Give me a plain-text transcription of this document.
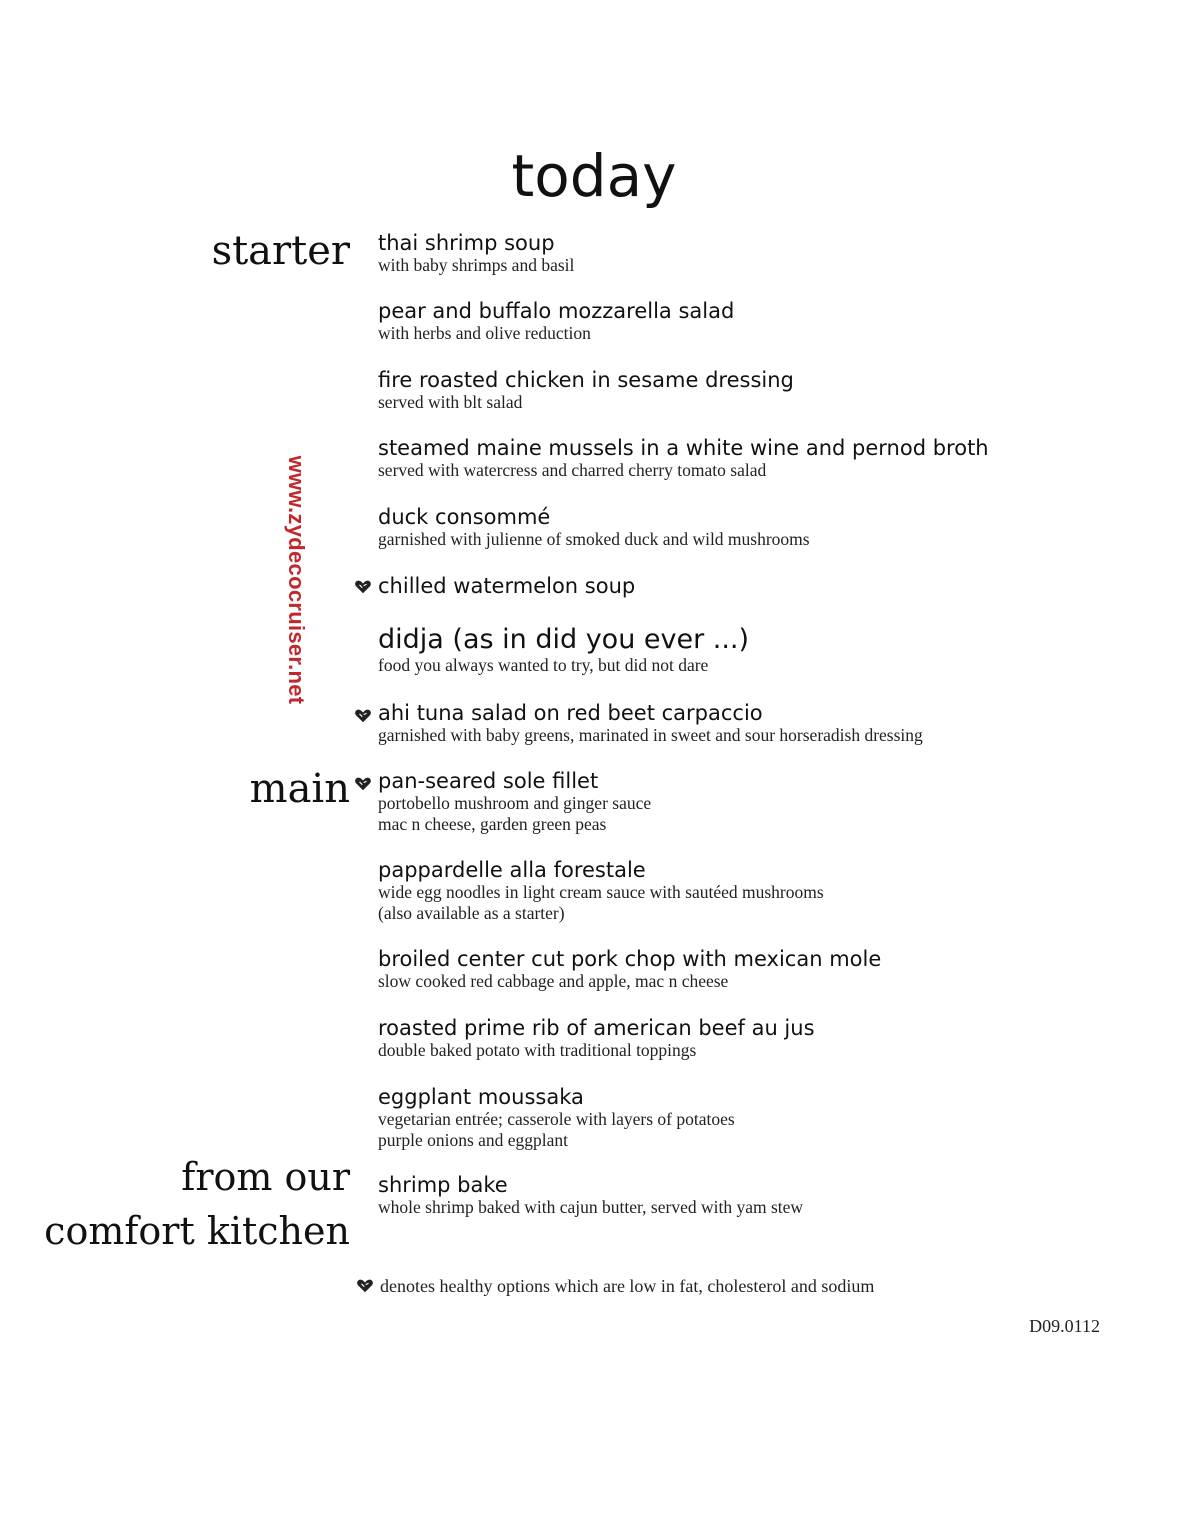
today
starter
main
from our
comfort kitchen
www.zydecocruiser.net
thai shrimp soup
with baby shrimps and basil
pear and buffalo mozzarella salad
with herbs and olive reduction
fire roasted chicken in sesame dressing
served with blt salad
steamed maine mussels in a white wine and pernod broth
served with watercress and charred cherry tomato salad
duck consommé
garnished with julienne of smoked duck and wild mushrooms
chilled watermelon soup
didja (as in did you ever ...)
food you always wanted to try, but did not dare
ahi tuna salad on red beet carpaccio
garnished with baby greens, marinated in sweet and sour horseradish dressing
pan-seared sole fillet
portobello mushroom and ginger sauce
mac n cheese, garden green peas
pappardelle alla forestale
wide egg noodles in light cream sauce with sautéed mushrooms
(also available as a starter)
broiled center cut pork chop with mexican mole
slow cooked red cabbage and apple, mac n cheese
roasted prime rib of american beef au jus
double baked potato with traditional toppings
eggplant moussaka
vegetarian entrée; casserole with layers of potatoes
purple onions and eggplant
shrimp bake
whole shrimp baked with cajun butter, served with yam stew
denotes healthy options which are low in fat, cholesterol and sodium
D09.0112
